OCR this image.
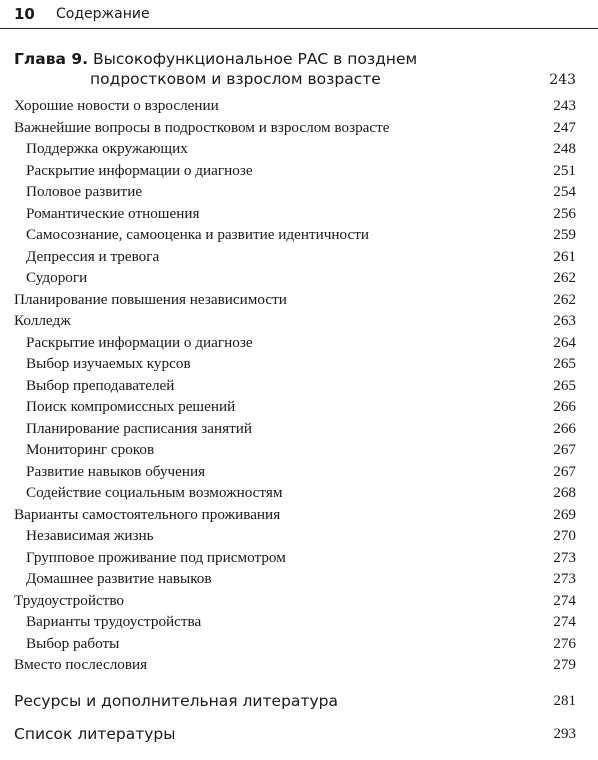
10 Содержание
Глава 9. Высокофункциональное РАС в позднем
подростковом и взрослом возрасте	243
Хорошие новости о взрослении	243
Важнейшие вопросы в подростковом и взрослом возрасте	247
Поддержка окружающих	248
Раскрытие информации о диагнозе	251
Половое развитие	254
Романтические отношения	256
Самосознание, самооценка и развитие идентичности	259
Депрессия и тревога	261
Судороги	262
Планирование повышения независимости	262
Колледж	263
Раскрытие информации о диагнозе	264
Выбор изучаемых курсов	265
Выбор преподавателей	265
Поиск компромиссных решений	266
Планирование расписания занятий	266
Мониторинг сроков	267
Развитие навыков обучения	267
Содействие социальным возможностям	268
Варианты самостоятельного проживания	269
Независимая жизнь	270
Групповое проживание под присмотром	273
Домашнее развитие навыков	273
Трудоустройство	274
Варианты трудоустройства	274
Выбор работы	276
Вместо послесловия	279
Ресурсы и дополнительная литература	281
Список литературы	293
